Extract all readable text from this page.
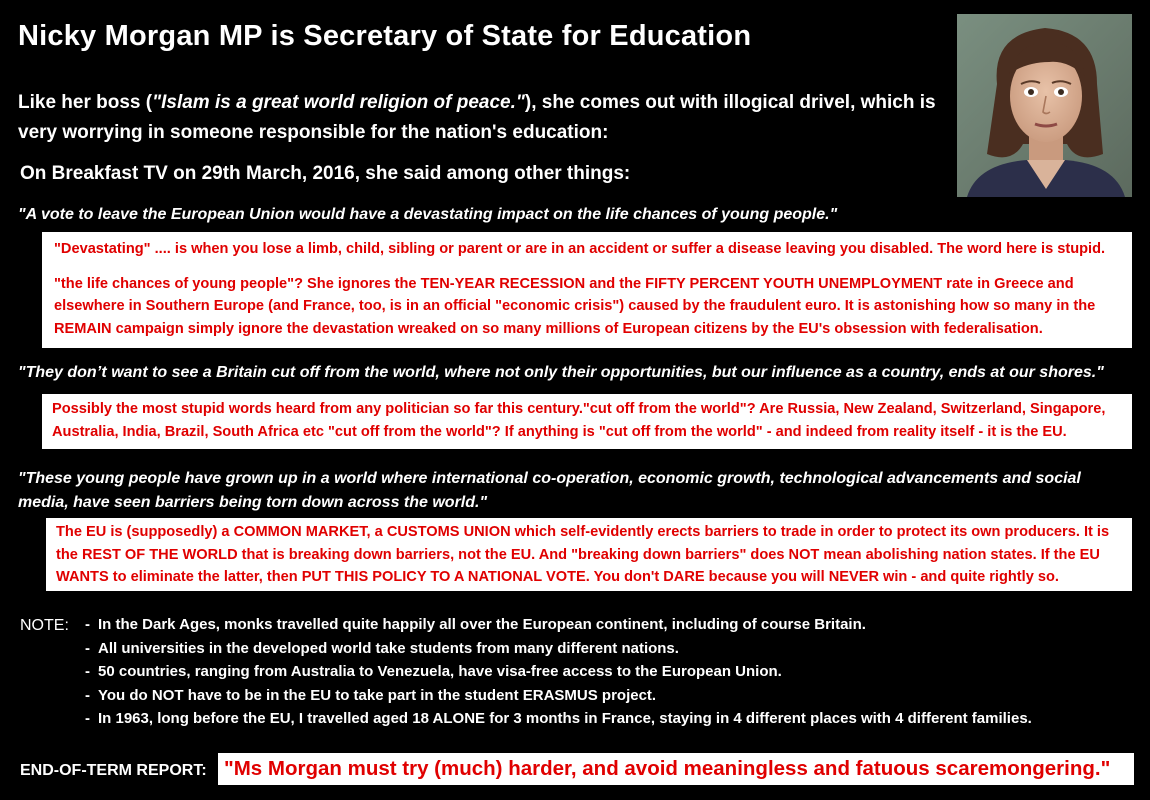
Nicky Morgan MP is Secretary of State for Education
Like her boss ("Islam is a great world religion of peace."), she comes out with illogical drivel, which is very worrying in someone responsible for the nation's education:
On Breakfast TV on 29th March, 2016, she said among other things:
"A vote to leave the European Union would have a devastating impact on the life chances of young people."

"Devastating" .... is when you lose a limb, child, sibling or parent or are in an accident or suffer a disease leaving you disabled. The word here is stupid.

"the life chances of young people"? She ignores the TEN-YEAR RECESSION and the FIFTY PERCENT YOUTH UNEMPLOYMENT rate in Greece and elsewhere in Southern Europe (and France, too, is in an official "economic crisis") caused by the fraudulent euro. It is astonishing how so many in the REMAIN campaign simply ignore the devastation wreaked on so many millions of European citizens by the EU's obsession with federalisation.

"They don’t want to see a Britain cut off from the world, where not only their opportunities, but our influence as a country, ends at our shores."

Possibly the most stupid words heard from any politician so far this century."cut off from the world"? Are Russia, New Zealand, Switzerland, Singapore, Australia, India, Brazil, South Africa etc "cut off from the world"? If anything is "cut off from the world" - and indeed from reality itself - it is the EU.

"These young people have grown up in a world where international co-operation, economic growth, technological advancements and social media, have seen barriers being torn down across the world."

The EU is (supposedly) a COMMON MARKET, a CUSTOMS UNION which self-evidently erects barriers to trade in order to protect its own producers. It is the REST OF THE WORLD that is breaking down barriers, not the EU. And "breaking down barriers" does NOT mean abolishing nation states. If the EU WANTS to eliminate the latter, then PUT THIS POLICY TO A NATIONAL VOTE. You don't DARE because you will NEVER win - and quite rightly so.

NOTE: - In the Dark Ages, monks travelled quite happily all over the European continent, including of course Britain.
- All universities in the developed world take students from many different nations.
- 50 countries, ranging from Australia to Venezuela, have visa-free access to the European Union.
- You do NOT have to be in the EU to take part in the student ERASMUS project.
- In 1963, long before the EU, I travelled aged 18 ALONE for 3 months in France, staying in 4 different places with 4 different families.
END-OF-TERM REPORT: "Ms Morgan must try (much) harder, and avoid meaningless and fatuous scaremongering."
